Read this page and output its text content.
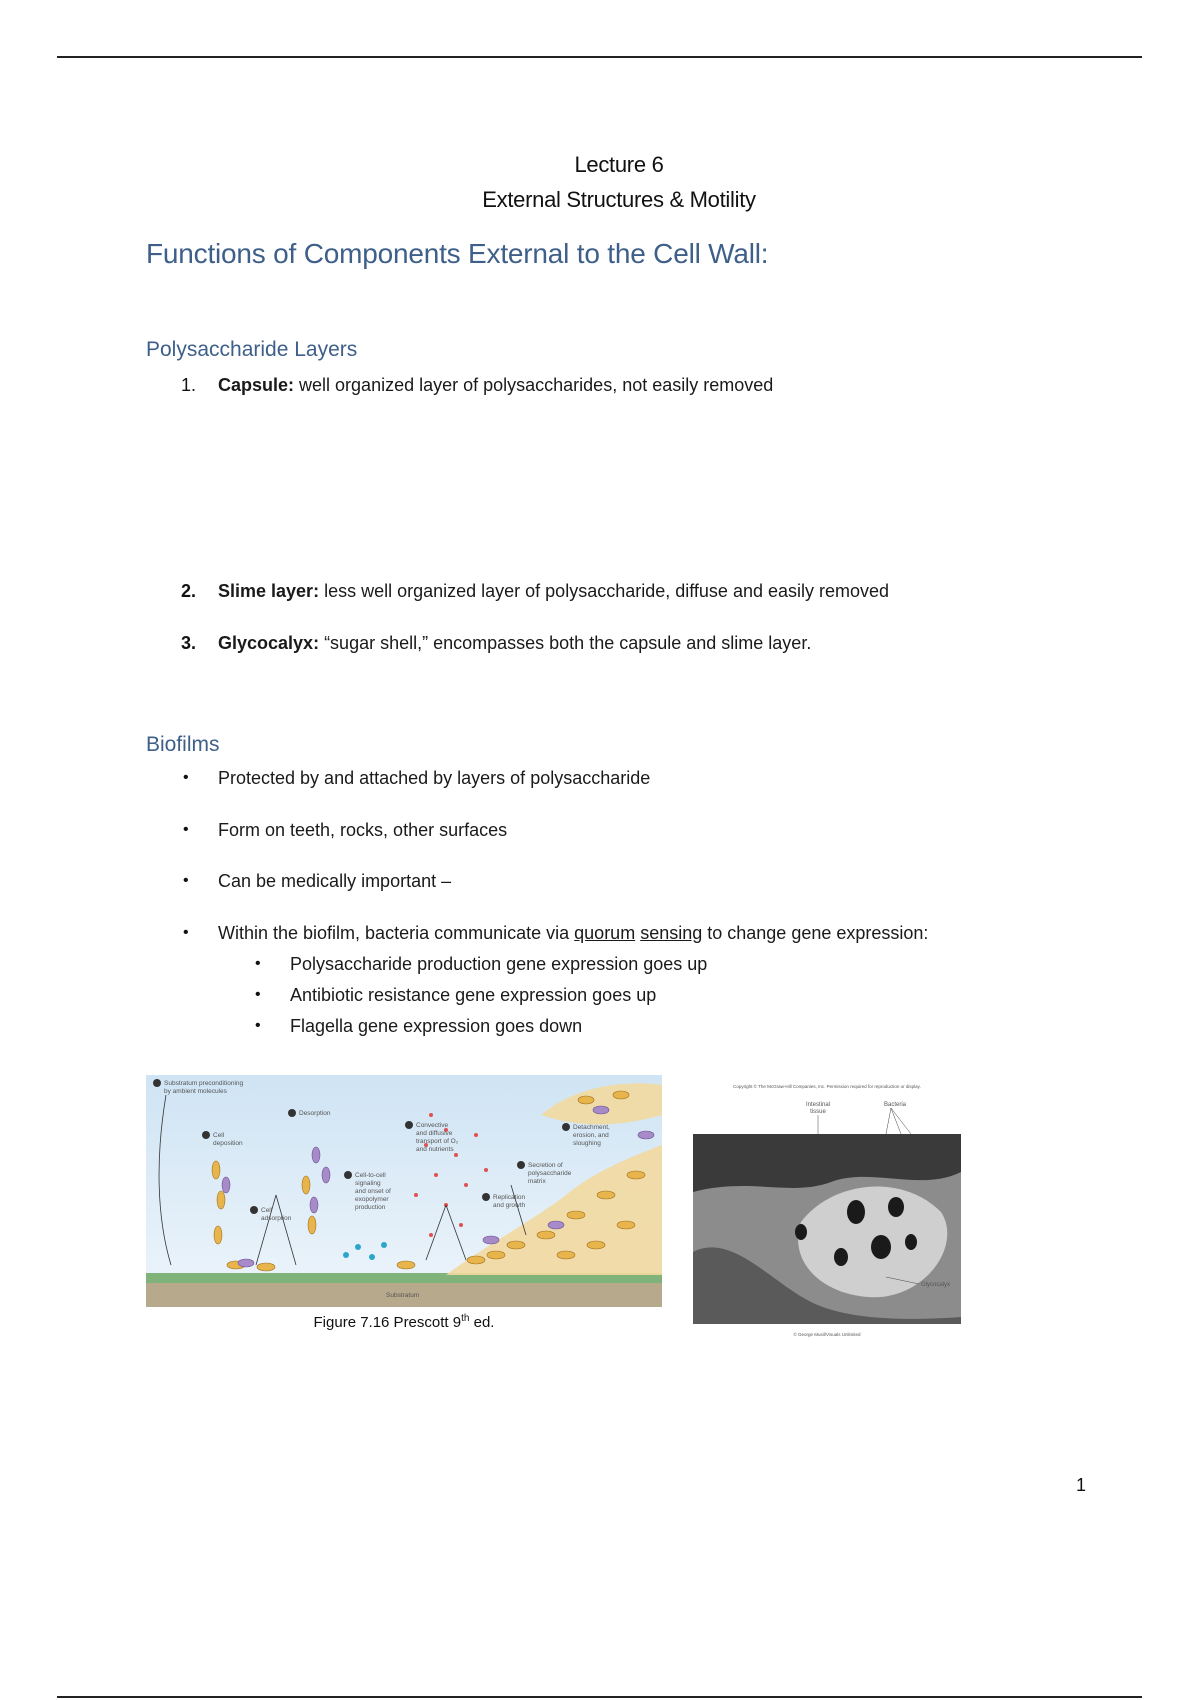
Lecture 6
External Structures & Motility
Functions of Components External to the Cell Wall:
Polysaccharide Layers
1. Capsule: well organized layer of polysaccharides, not easily removed
2. Slime layer: less well organized layer of polysaccharide, diffuse and easily removed
3. Glycocalyx: “sugar shell,” encompasses both the capsule and slime layer.
Biofilms
• Protected by and attached by layers of polysaccharide
• Form on teeth, rocks, other surfaces
• Can be medically important –
• Within the biofilm, bacteria communicate via quorum sensing to change gene expression:
• Polysaccharide production gene expression goes up
• Antibiotic resistance gene expression goes up
• Flagella gene expression goes down
Substratum preconditioning
by ambient molecules
Cell
deposition
Cell
adsorption
Desorption
Cell-to-cell
signaling
and onset of
exopolymer
production
Convective
and diffusive
transport of O₂
and nutrients
Replication
and growth
Secretion of
polysaccharide
matrix
Detachment,
erosion, and
sloughing
Substratum
Figure 7.16 Prescott 9th ed.
Copyright © The McGraw-Hill Companies, Inc. Permission required for reproduction or display.
Intestinal
tissue
Bacteria
Glycocalyx
© George Musil/Visuals Unlimited
1
